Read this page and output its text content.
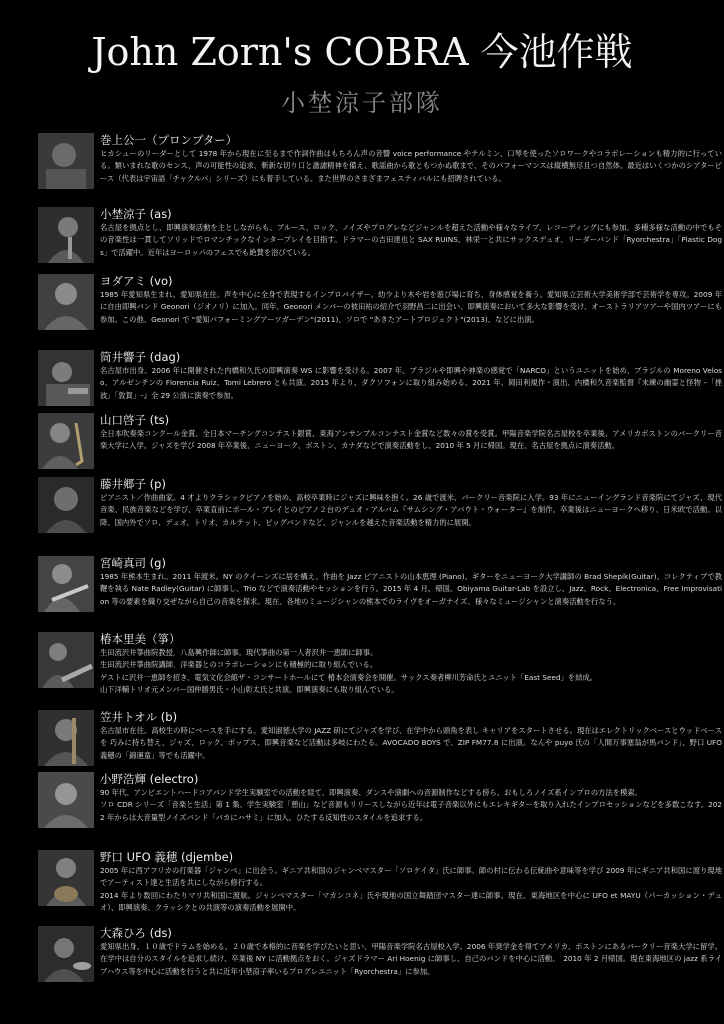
John Zorn's COBRA 今池作戦
小埜涼子部隊
巻上公一（プロンプター）
ヒカシューのリーダーとして 1978 年から現在に至るまで作詞作曲はもちろん声の音響 voice performance やテルミン、口琴を使ったソロワークやコラボレーションも精力的に行っている。類いまれな歌のセンス、声の可能性の追求、斬新な切り口と諧謔精神を備え、歌謡曲から歌ともつかぬ歌まで、そのパフォーマンスは縦横無尽且つ自然体。最近はいくつかのシアターピース（代表は宇宙語「チャクルパ」シリーズ）にも着手している。また世界のさまざまフェスティバルにも招聘されている。
小埜涼子 (as)
名古屋を拠点とし、即興演奏活動を主としながらも、ブルース、ロック、ノイズやプログレなどジャンルを超えた活動や様々なライブ、レコーディングにも参加。多種多様な活動の中でもその音楽性は一貫してソリッドでロマンチックなインタープレイを目指す。ドラマーの吉田達也と SAX RUINS、林栄一と共にサックスデュオ、リーダーバンド「Ryorchestra」「Plastic Dogs」で活躍中。近年はヨーロッパのフェスでも絶賛を浴びている。
ヨダアミ (vo)
1985 年愛知県生まれ。愛知県在住。声を中心に全身で表現するインプロバイザー。幼少より木や岩を遊び場に育ち、身体感覚を養う。愛知県立芸術大学美術学部で芸術学を専攻。2009 年に自由即興バンド Geonori（ジオノリ）に加入。同年、Geonori メンバーの彼田祐の紹介で羽野昌二に出会い、即興演奏において多大な影響を受け、オーストラリアツアーや国内ツアーにも参加。この他、Geonori で "愛知パフォーミングアーツガーデン"(2011)、ソロで "あきたアートプロジェクト"(2013)、などに出演。
筒井響子 (dag)
名古屋市出身。2006 年に開催された内橋和久氏の即興演奏 WS に影響を受ける。2007 年、ブラジルや即興や神楽の感覚で「NARCO」というユニットを始め、ブラジルの Moreno Veloso、アルゼンチンの Florencia Ruiz、Tomi Lebrero とも共演。2015 年より、ダクソフォンに取り組み始める。2021 年、岡田利規作・演出、内橋和久音楽監督『未練の幽霊と怪物 –「挫波」「敦賀」–』全 29 公演に演奏で参加。
山口啓子 (ts)
全日本吹奏楽コンクール金賞、全日本マーチングコンテスト銀賞、東海アンサンブルコンテスト金賞など数々の賞を受賞。甲陽音楽学院名古屋校を卒業後、アメリカボストンのバークリー音楽大学に入学。ジャズを学び 2008 年卒業後、ニューヨーク、ボストン、カナダなどで演奏活動をし、2010 年 5 月に帰国。現在、名古屋を拠点に演奏活動。
藤井郷子 (p)
ピアニスト／作曲曲家。4 才よりクラシックピアノを始め、高校卒業時にジャズに興味を抱く。26 歳で渡米、バークリー音楽院に入学。93 年にニューイングランド音楽院にてジャズ、現代音楽、民族音楽などを学び、卒業直前にポール・ブレイとのピアノ２台のデュオ・アルバム『サムシング・アバウト・ウォーター』を制作。卒業後はニューヨークへ移り、日米欧で活動。以降、国内外でソロ、デュオ、トリオ、カルテット、ビッグバンドなど、ジャンルを越えた音楽活動を精力的に展開。
宮崎真司 (g)
1985 年熊本生まれ。2011 年渡米。NY のクイーンズに居を構え、作曲を Jazz ピアニストの山本恵理 (Piano)、ギターをニューヨーク大学講師の Brad Shepik(Guitar)、コレクティブで教鞭を執る Nate Radley(Guitar) に師事し、Trio などで演奏活動やセッションを行う。2015 年 4 月、帰国。Obiyama Guitar-Lab を設立し、Jazz、Rock、Electronica、Free Improvisation 等の要素を織り交ぜながら自己の音楽を探求。現在、各地のミュージシャンの熊本でのライヴをオーガナイズ、様々なミュージシャンと演奏活動を行なう。
椿本里美（箏）
生田流沢井箏曲院教授．八島興作師に師事。現代箏曲の第一人者沢井一恵師に師事。
生田流沢井箏曲院講師．洋楽器とのコラボレーションにも積極的に取り組んでいる。
ゲストに沢井一恵師を招き、電気文化会館ザ・コンサートホールにて 椿本会演奏会を開催。サックス奏者柳川芳命氏とユニット「East Seed」を結成。
山下洋輔トリオ元メンバー国仲勝男氏・小山彰太氏と共演。即興演奏にも取り組んでいる。
笠井トオル (b)
名古屋市在住。高校生の時にベースを手にする。愛知淑徳大学の JAZZ 研にてジャズを学び、在学中から頭角を表し キャリアをスタートさせる。現在はエレクトリックベースとウッドベースを 巧みに持ち替え、ジャズ、ロック、ポップス、即興音楽など活動は多岐にわたる。AVOCADO BOYS で、ZIP FM77.8 に出演。なんや puyo 氏の「人間万事塞翁が馬バンド」、野口 UFO 義穂の「錦運童」等でも活躍中。
小野浩輝 (electro)
90 年代、アンビエントハードコアバンド学生実験室での活動を経て、即興演奏、ダンスや演劇への音源制作などする傍ら、おもしろノイズ系インプロの方法を模索。
ソロ CDR シリーズ「音楽と生活」第 1 集、学生実験室「憩山」など音源もリリースしながら近年は電子音楽以外にもエレキギターを取り入れたインプロセッションなどを多数こなす。2022 年からは大音量型ノイズバンド「バカにハサミ」に加入。ひたする反知性のスタイルを追求する。
野口 UFO 義穂 (djembe)
2005 年に西アフリカの打楽器「ジャンベ」に出会う。ギニア共和国のジャンベマスター「ソロケイタ」氏に師事。師の村に伝わる伝統曲や意味等を学び 2009 年にギニア共和国に渡り現地でアーティスト達と生活を共にしながら修行する。
2014 年より数回にわたりマリ共和国に渡航。ジャンベマスター「マカンコネ」氏や現地の国立舞踏団マスター達に師事。現在、東海地区を中心に UFO et MAYU（パーカッション・デュオ）、即興演奏、クラッシクとの共演等の演奏活動を展開中。
大森ひろ (ds)
愛知県出身。１０歳でドラムを始める。２０歳で本格的に音楽を学びたいと思い、甲陽音楽学院名古屋校入学。2006 年奨学金を得てアメリカ、ボストンにあるバークリー音楽大学に留学。在学中は自分のスタイルを追求し続け、卒業後 NY に活動拠点をおく。ジャズドラマー Ari Hoenig に師事し、自己のバンドを中心に活動。　2010 年 2 月帰国。現在東海地区の jazz 系ライブハウス等を中心に活動を行うと共に近年小埜涼子率いるプログレユニット「Ryorchestra」に参加。
